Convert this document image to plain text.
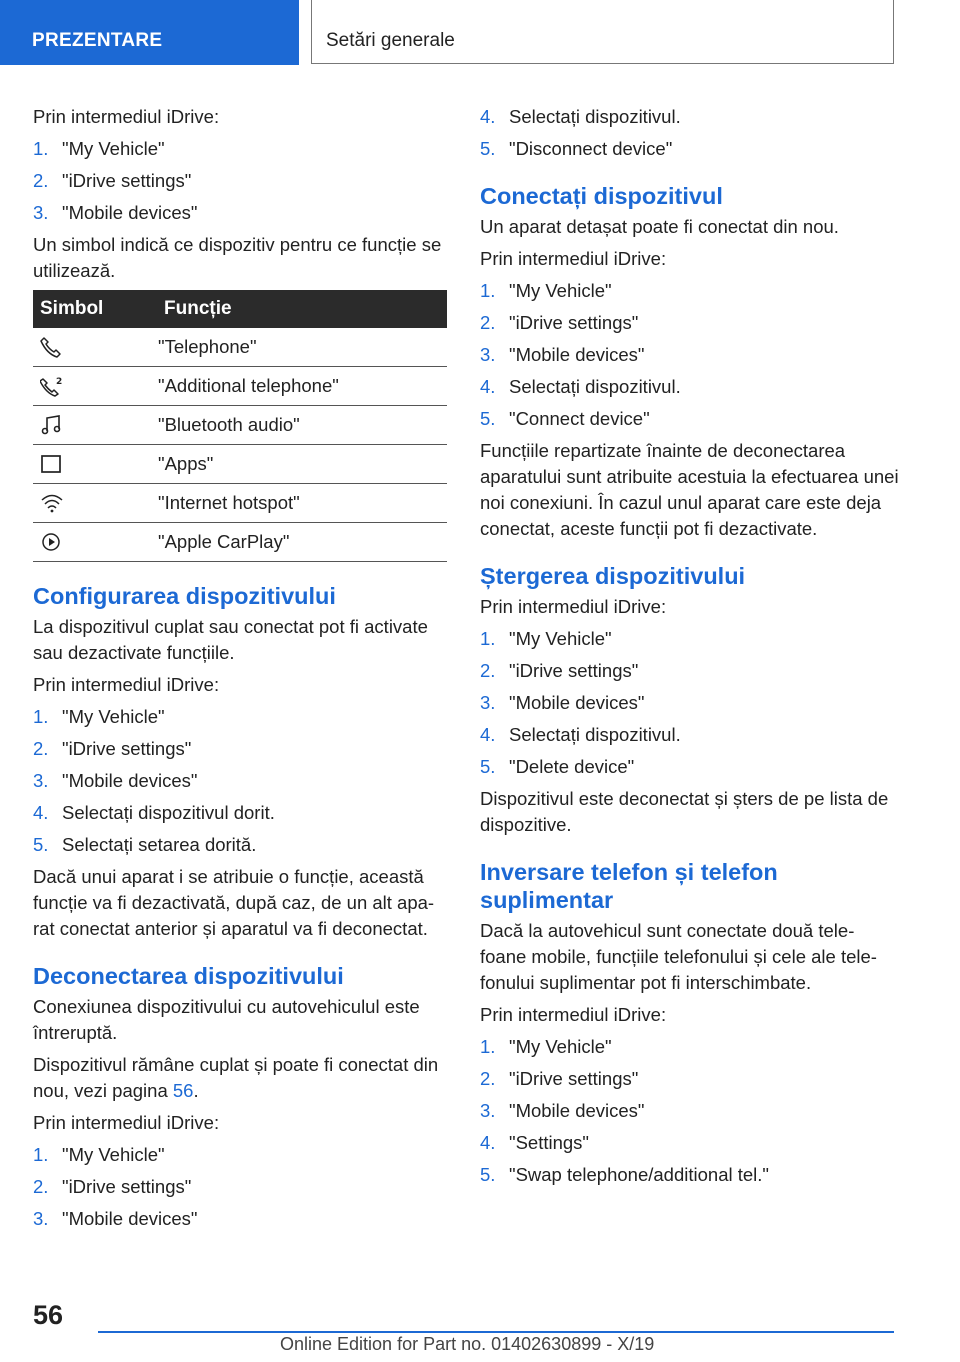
PREZENTARE	Setări generale

Prin intermediul iDrive:

1. "My Vehicle"
2. "iDrive settings"
3. "Mobile devices"

Un simbol indică ce dispozitiv pentru ce funcție se utilizează.

Simbol	Funcție

	"Telephone"

2	"Additional telephone"

	"Bluetooth audio"

	"Apps"

	"Internet hotspot"

	"Apple CarPlay"
Configurarea dispozitivului

La dispozitivul cuplat sau conectat pot fi activate sau dezactivate funcțiile.

Prin intermediul iDrive:

1. "My Vehicle"
2. "iDrive settings"
3. "Mobile devices"
4. Selectați dispozitivul dorit.
5. Selectați setarea dorită.

Dacă unui aparat i se atribuie o funcție, această funcție va fi dezactivată, după caz, de un alt apa-rat conectat anterior și aparatul va fi deconectat.

Deconectarea dispozitivului

Conexiunea dispozitivului cu autovehiculul este întreruptă.

Dispozitivul rămâne cuplat și poate fi conectat din nou, vezi pagina 56.

Prin intermediul iDrive:

1. "My Vehicle"
2. "iDrive settings"
3. "Mobile devices"
4. Selectați dispozitivul.
5. "Disconnect device"
Conectați dispozitivul

Un aparat detașat poate fi conectat din nou.

Prin intermediul iDrive:

1. "My Vehicle"
2. "iDrive settings"
3. "Mobile devices"
4. Selectați dispozitivul.
5. "Connect device"

Funcțiile repartizate înainte de deconectarea aparatului sunt atribuite acestuia la efectuarea unei noi conexiuni. În cazul unul aparat care este deja conectat, aceste funcții pot fi dezactivate.

Ștergerea dispozitivului

Prin intermediul iDrive:

1. "My Vehicle"
2. "iDrive settings"
3. "Mobile devices"
4. Selectați dispozitivul.
5. "Delete device"

Dispozitivul este deconectat și șters de pe lista de dispozitive.

Inversare telefon și telefon suplimentar

Dacă la autovehicul sunt conectate două tele-foane mobile, funcțiile telefonului și cele ale tele-fonului suplimentar pot fi interschimbate.

Prin intermediul iDrive:

1. "My Vehicle"
2. "iDrive settings"
3. "Mobile devices"
4. "Settings"
5. "Swap telephone/additional tel."
56
Online Edition for Part no. 01402630899 - X/19
